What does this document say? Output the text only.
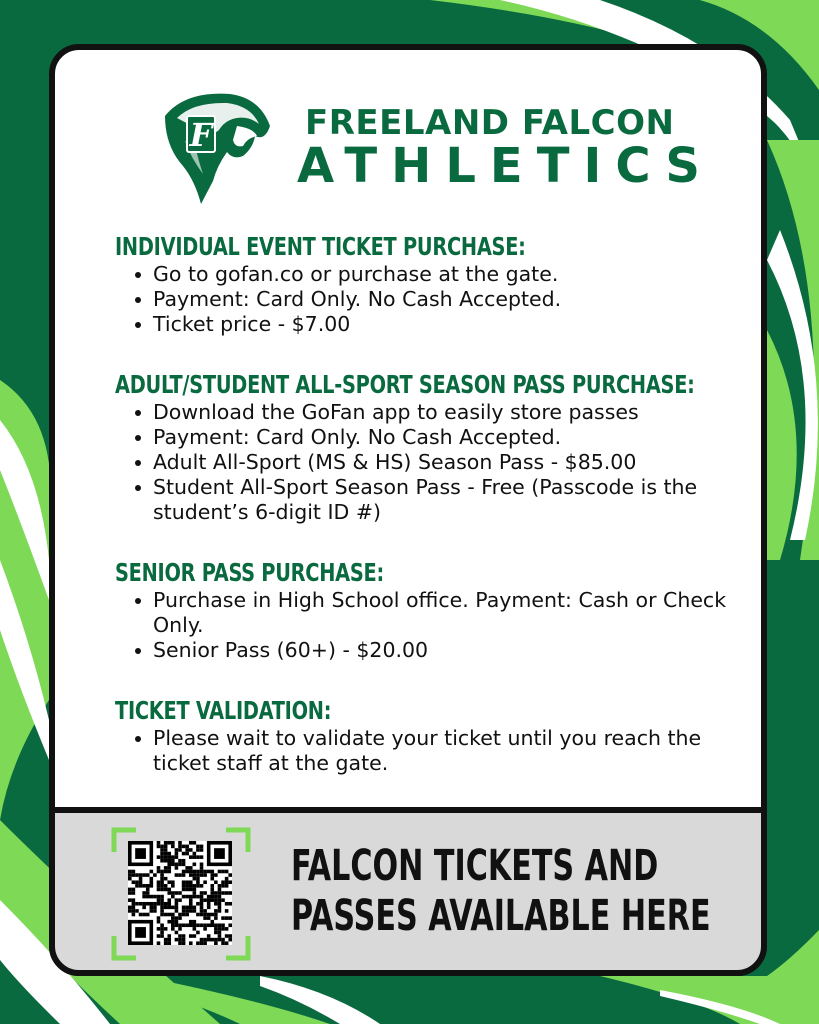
F	FREELAND FALCON
ATHLETICS
INDIVIDUAL EVENT TICKET PURCHASE:
Go to gofan.co or purchase at the gate.
Payment: Card Only. No Cash Accepted.
Ticket price - $7.00
ADULT/STUDENT ALL-SPORT SEASON PASS PURCHASE:
Download the GoFan app to easily store passes
Payment: Card Only. No Cash Accepted.
Adult All-Sport (MS & HS) Season Pass - $85.00
Student All-Sport Season Pass - Free (Passcode is the student’s 6-digit ID #)
SENIOR PASS PURCHASE:
Purchase in High School office. Payment: Cash or Check Only.
Senior Pass (60+) - $20.00
TICKET VALIDATION:
Please wait to validate your ticket until you reach the ticket staff at the gate.
FALCON TICKETS AND
PASSES AVAILABLE HERE
